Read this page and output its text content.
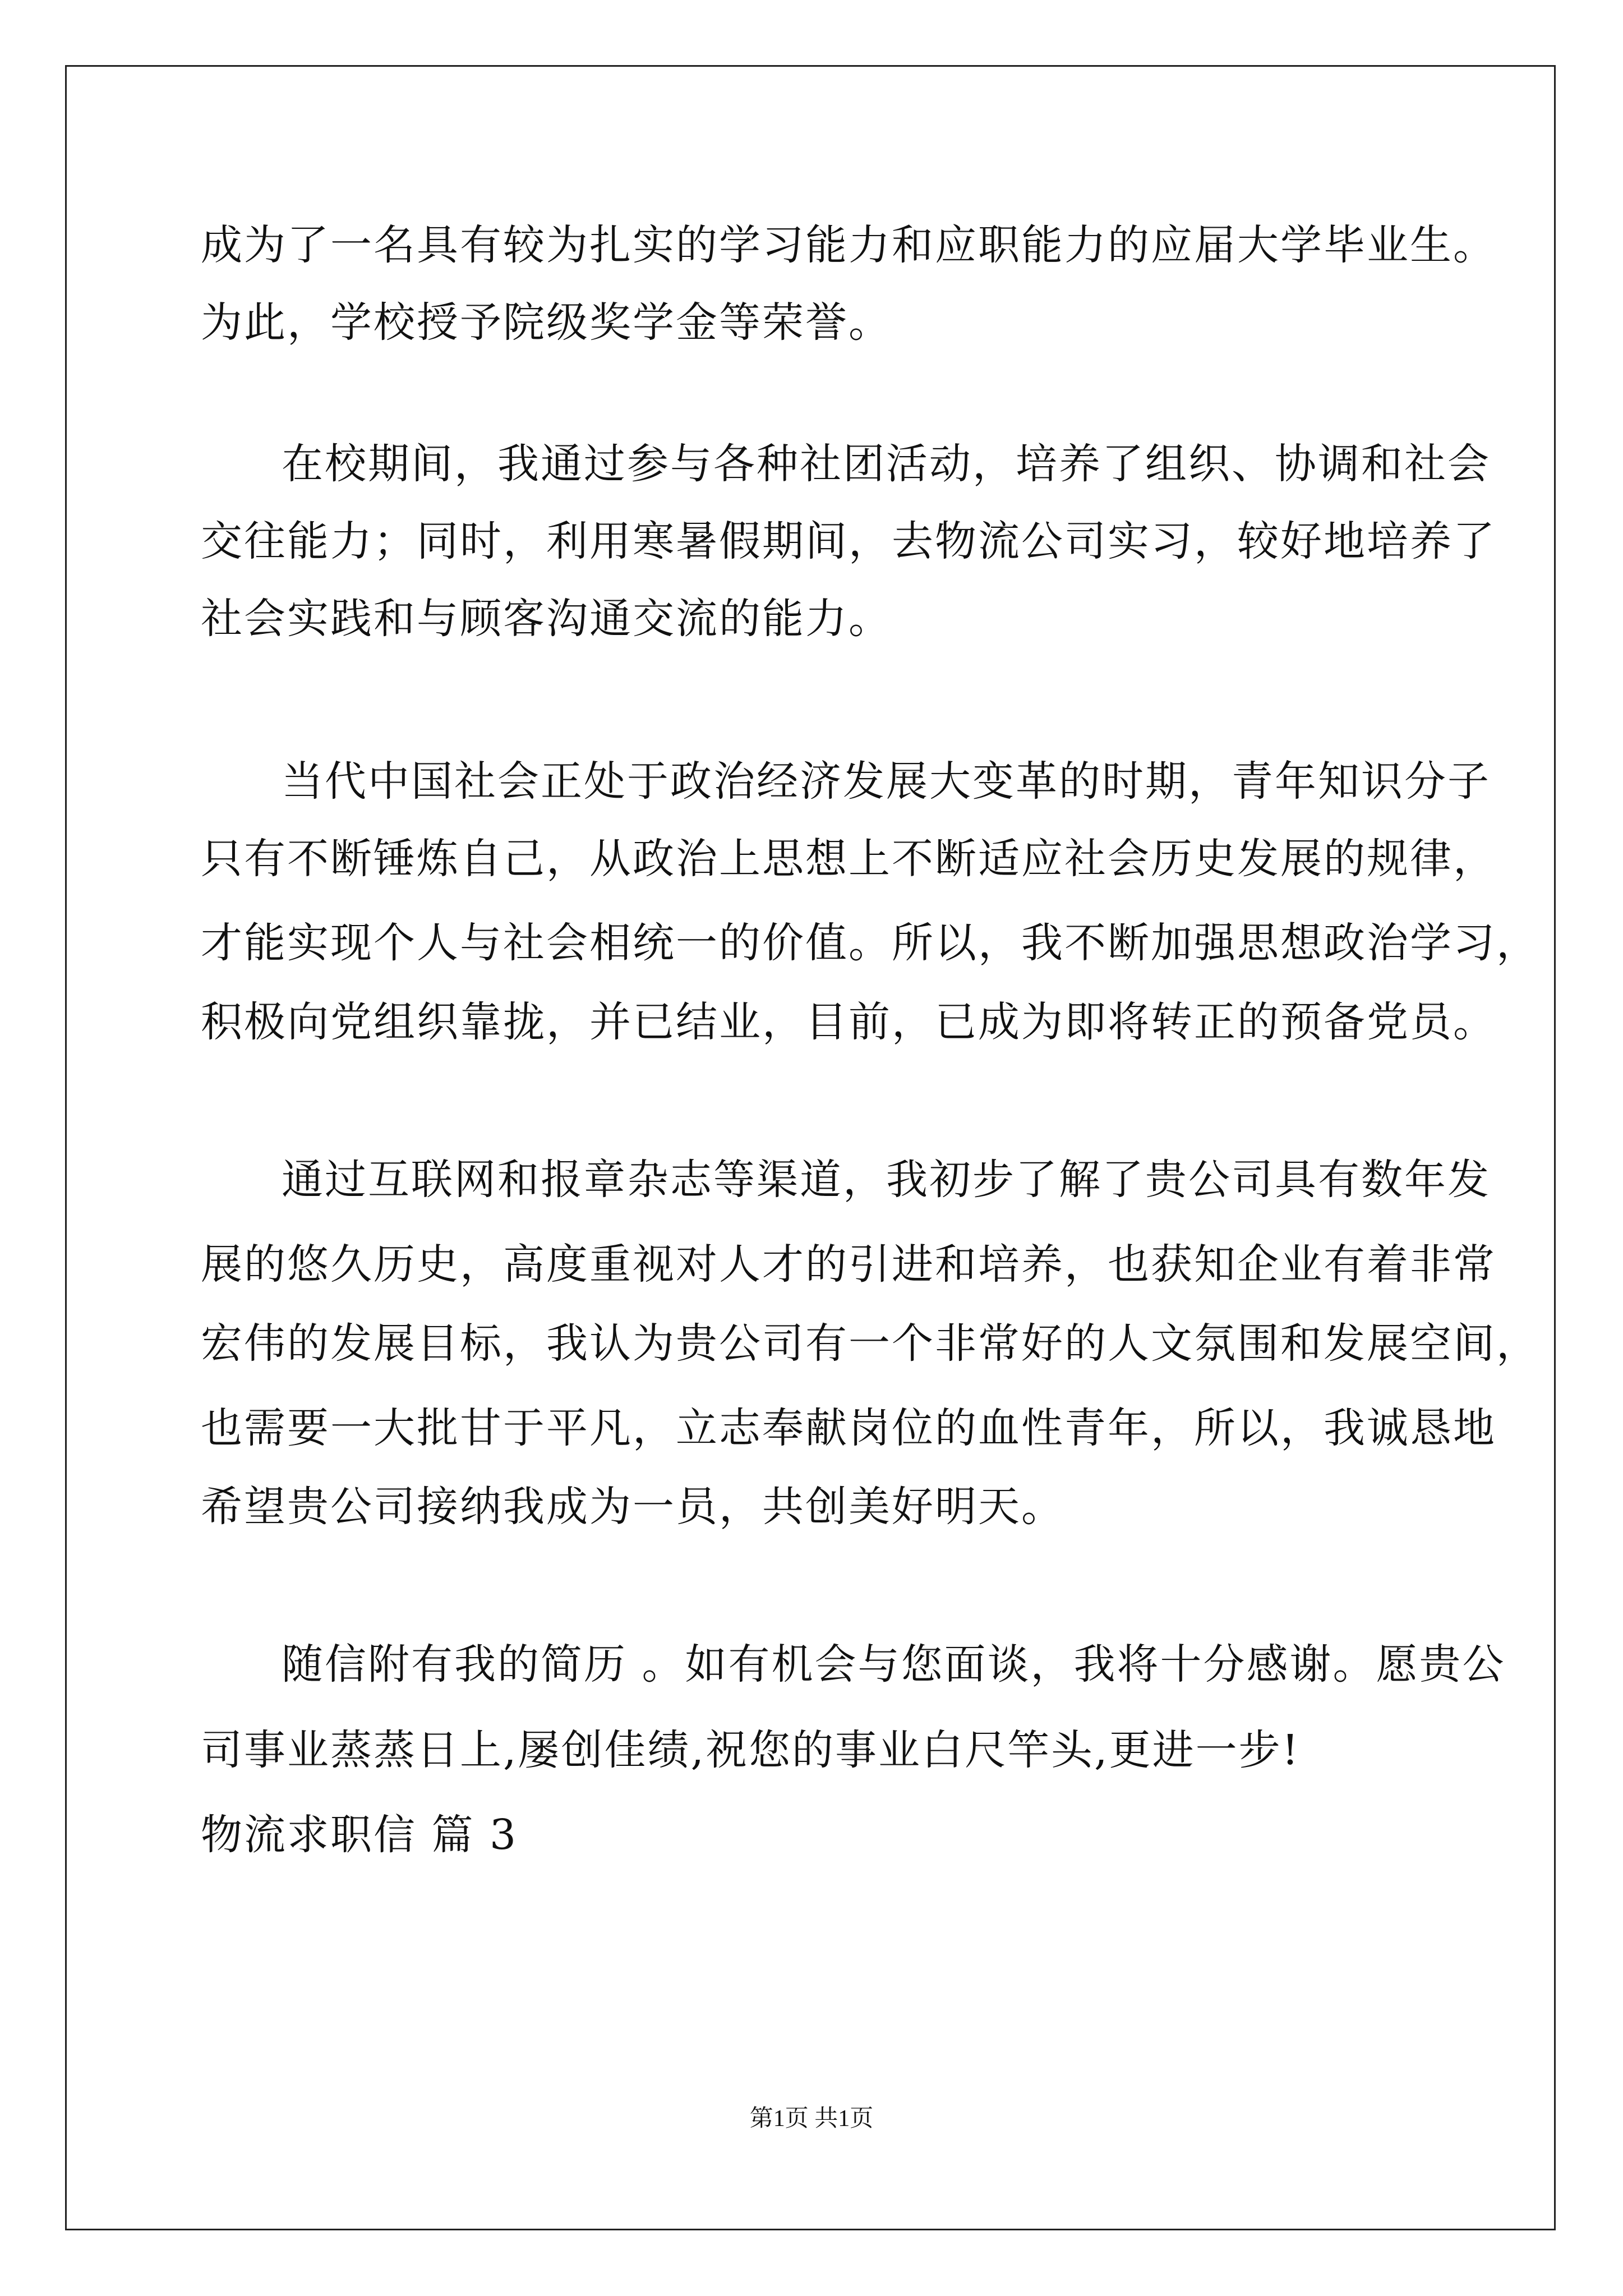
成为了一名具有较为扎实的学习能力和应职能力的应届大学毕业生。

为此，学校授予院级奖学金等荣誉。

在校期间，我通过参与各种社团活动，培养了组织、协调和社会

交往能力；同时，利用寒暑假期间，去物流公司实习，较好地培养了

社会实践和与顾客沟通交流的能力。

当代中国社会正处于政治经济发展大变革的时期，青年知识分子

只有不断锤炼自己，从政治上思想上不断适应社会历史发展的规律，

才能实现个人与社会相统一的价值。所以，我不断加强思想政治学习，

积极向党组织靠拢，并已结业，目前，已成为即将转正的预备党员。

通过互联网和报章杂志等渠道，我初步了解了贵公司具有数年发

展的悠久历史，高度重视对人才的引进和培养，也获知企业有着非常

宏伟的发展目标，我认为贵公司有一个非常好的人文氛围和发展空间，

也需要一大批甘于平凡，立志奉献岗位的血性青年，所以，我诚恳地

希望贵公司接纳我成为一员，共创美好明天。

随信附有我的简历 。如有机会与您面谈，我将十分感谢。愿贵公

司事业蒸蒸日上,屡创佳绩,祝您的事业白尺竿头,更进一步!

物流求职信 篇 3

第1页 共1页
